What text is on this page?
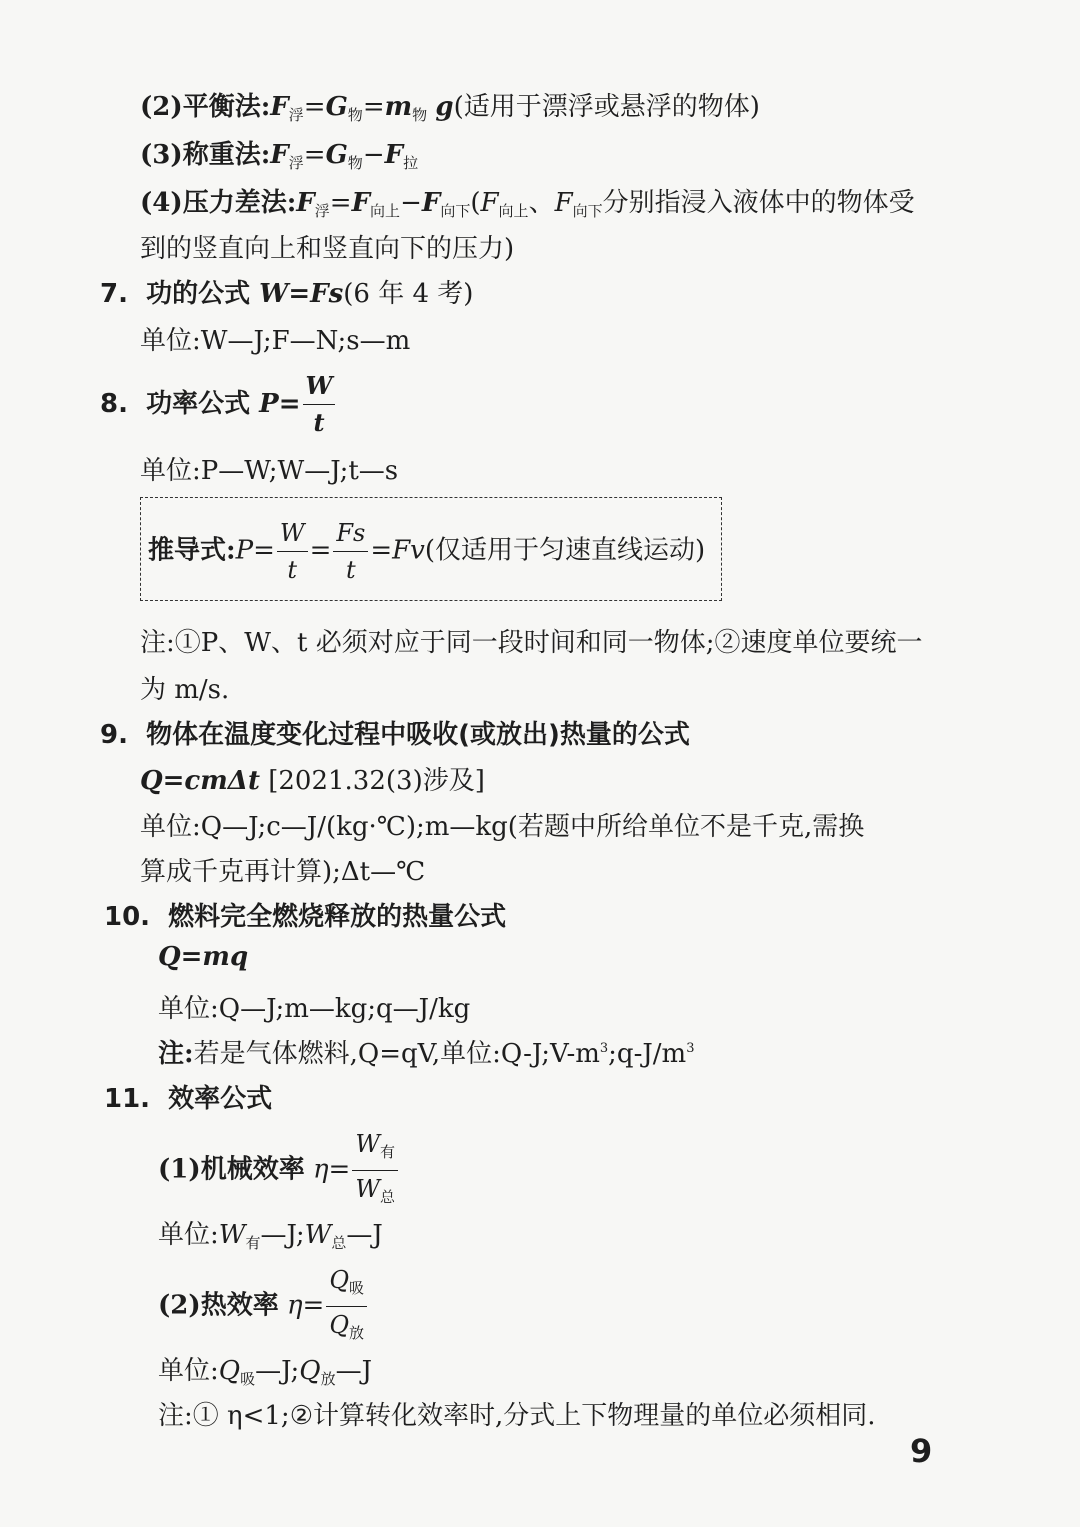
(2)平衡法$:F_浮=G_物=m_物$ g(适用于漂浮或悬浮的物体)
(3)称重法$:F_浮=G_物-F_拉$
(4)压力差法$:F_浮=F_{向上}-F_{向下}(F_{向上}$、$F_{向下}$分别指浸入液体中的物体受
到的竖直向上和竖直向下的压力)
7. 功的公式 W=Fs(6 年 4 考)
单位:W—J;F—N;s—m
8. 功率公式 $P= \frac{W}{t}$
单位:P—W;W—J;t—s
推导式:P= $\frac{W}{t} = \frac{Fs}{t} =Fv$(仅适用于匀速直线运动)
注:①P、W、t 必须对应于同一段时间和同一物体;②速度单位要统一
为 m/s.
9. 物体在温度变化过程中吸收(或放出)热量的公式
Q=cmΔt [2021.32(3)涉及]
单位:Q—J;c—J/(kg·℃);m—kg(若题中所给单位不是千克,需换
算成千克再计算);Δt—℃
10. 燃料完全燃烧释放的热量公式
Q=mq
单位:Q—J;m—kg;q—J/kg
注:若是气体燃料,Q=qV,单位$:Q-J;V-m^3;q-J/m^3$
11. 效率公式
(1)机械效率 $\eta= \frac{W_有}{W_总}$
单位$:W_有—J;W_总—J$
(2)热效率 $\eta= \frac{Q_吸}{Q_放}$
单位$:Q_吸—J;Q_放—J$
注:① η<1;②计算转化效率时,分式上下物理量的单位必须相同.
9
